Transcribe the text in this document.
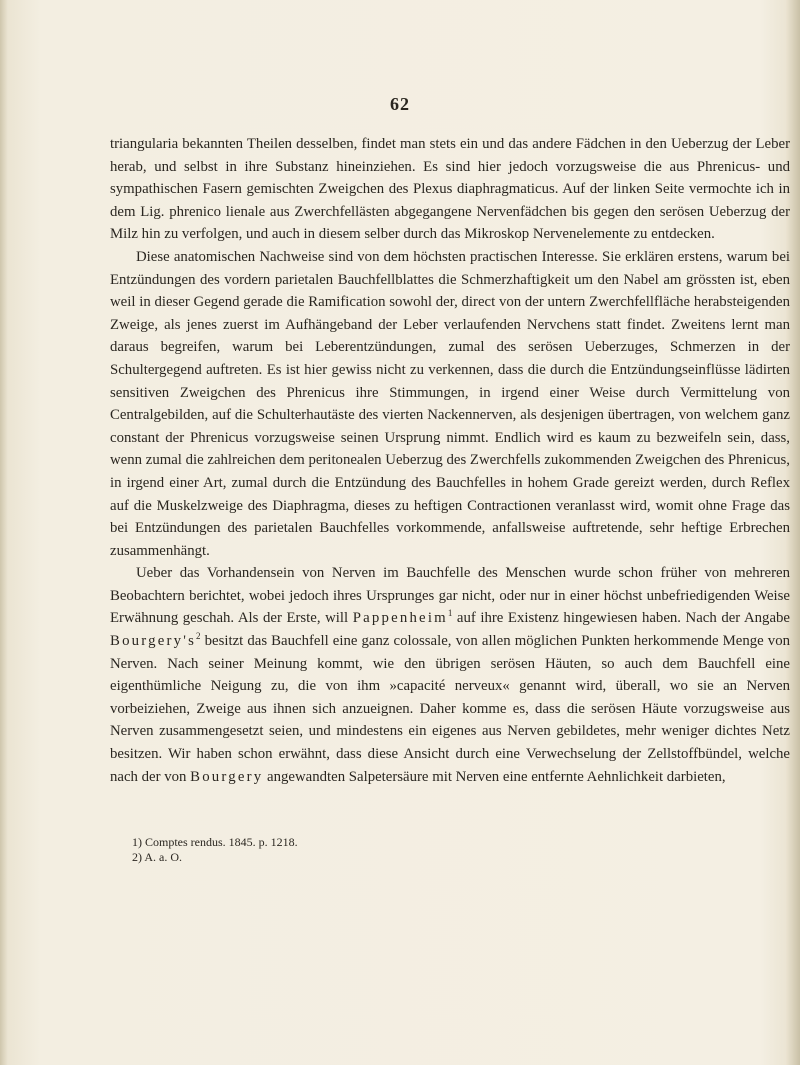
62

triangularia bekannten Theilen desselben, findet man stets ein und das andere Fädchen in den Ueberzug der Leber herab, und selbst in ihre Substanz hineinziehen. Es sind hier jedoch vorzugsweise die aus Phrenicus- und sympathischen Fasern gemischten Zweigchen des Plexus diaphragmaticus. Auf der linken Seite vermochte ich in dem Lig. phrenico lienale aus Zwerchfellästen abgegangene Nervenfädchen bis gegen den serösen Ueberzug der Milz hin zu verfolgen, und auch in diesem selber durch das Mikroskop Nervenelemente zu entdecken.

Diese anatomischen Nachweise sind von dem höchsten practischen Interesse. Sie erklären erstens, warum bei Entzündungen des vordern parietalen Bauchfellblattes die Schmerzhaftigkeit um den Nabel am grössten ist, eben weil in dieser Gegend gerade die Ramification sowohl der, direct von der untern Zwerchfellfläche herabsteigenden Zweige, als jenes zuerst im Aufhängeband der Leber verlaufenden Nervchens statt findet. Zweitens lernt man daraus begreifen, warum bei Leberentzündungen, zumal des serösen Ueberzuges, Schmerzen in der Schultergegend auftreten. Es ist hier gewiss nicht zu verkennen, dass die durch die Entzündungseinflüsse lädirten sensitiven Zweigchen des Phrenicus ihre Stimmungen, in irgend einer Weise durch Vermittelung von Centralgebilden, auf die Schulterhautäste des vierten Nackennerven, als desjenigen übertragen, von welchem ganz constant der Phrenicus vorzugsweise seinen Ursprung nimmt. Endlich wird es kaum zu bezweifeln sein, dass, wenn zumal die zahlreichen dem peritonealen Ueberzug des Zwerchfells zukommenden Zweigchen des Phrenicus, in irgend einer Art, zumal durch die Entzündung des Bauchfelles in hohem Grade gereizt werden, durch Reflex auf die Muskelzweige des Diaphragma, dieses zu heftigen Contractionen veranlasst wird, womit ohne Frage das bei Entzündungen des parietalen Bauchfelles vorkommende, anfallsweise auftretende, sehr heftige Erbrechen zusammenhängt.

Ueber das Vorhandensein von Nerven im Bauchfelle des Menschen wurde schon früher von mehreren Beobachtern berichtet, wobei jedoch ihres Ursprunges gar nicht, oder nur in einer höchst unbefriedigenden Weise Erwähnung geschah. Als der Erste, will Pappenheim$^1$ auf ihre Existenz hingewiesen haben. Nach der Angabe $Bourgery's^2$ besitzt das Bauchfell eine ganz colossale, von allen möglichen Punkten herkommende Menge von Nerven. Nach seiner Meinung kommt, wie den übrigen serösen Häuten, so auch dem Bauchfell eine eigenthümliche Neigung zu, die von ihm »capacité nerveux« genannt wird, überall, wo sie an Nerven vorbeiziehen, Zweige aus ihnen sich anzueignen. Daher komme es, dass die serösen Häute vorzugsweise aus Nerven zusammengesetzt seien, und mindestens ein eigenes aus Nerven gebildetes, mehr weniger dichtes Netz besitzen. Wir haben schon erwähnt, dass diese Ansicht durch eine Verwechselung der Zellstoffbündel, welche nach der von Bourgery angewandten Salpetersäure mit Nerven eine entfernte Aehnlichkeit darbieten,

1) Comptes rendus. 1845. p. 1218.
2) A. a. O.
